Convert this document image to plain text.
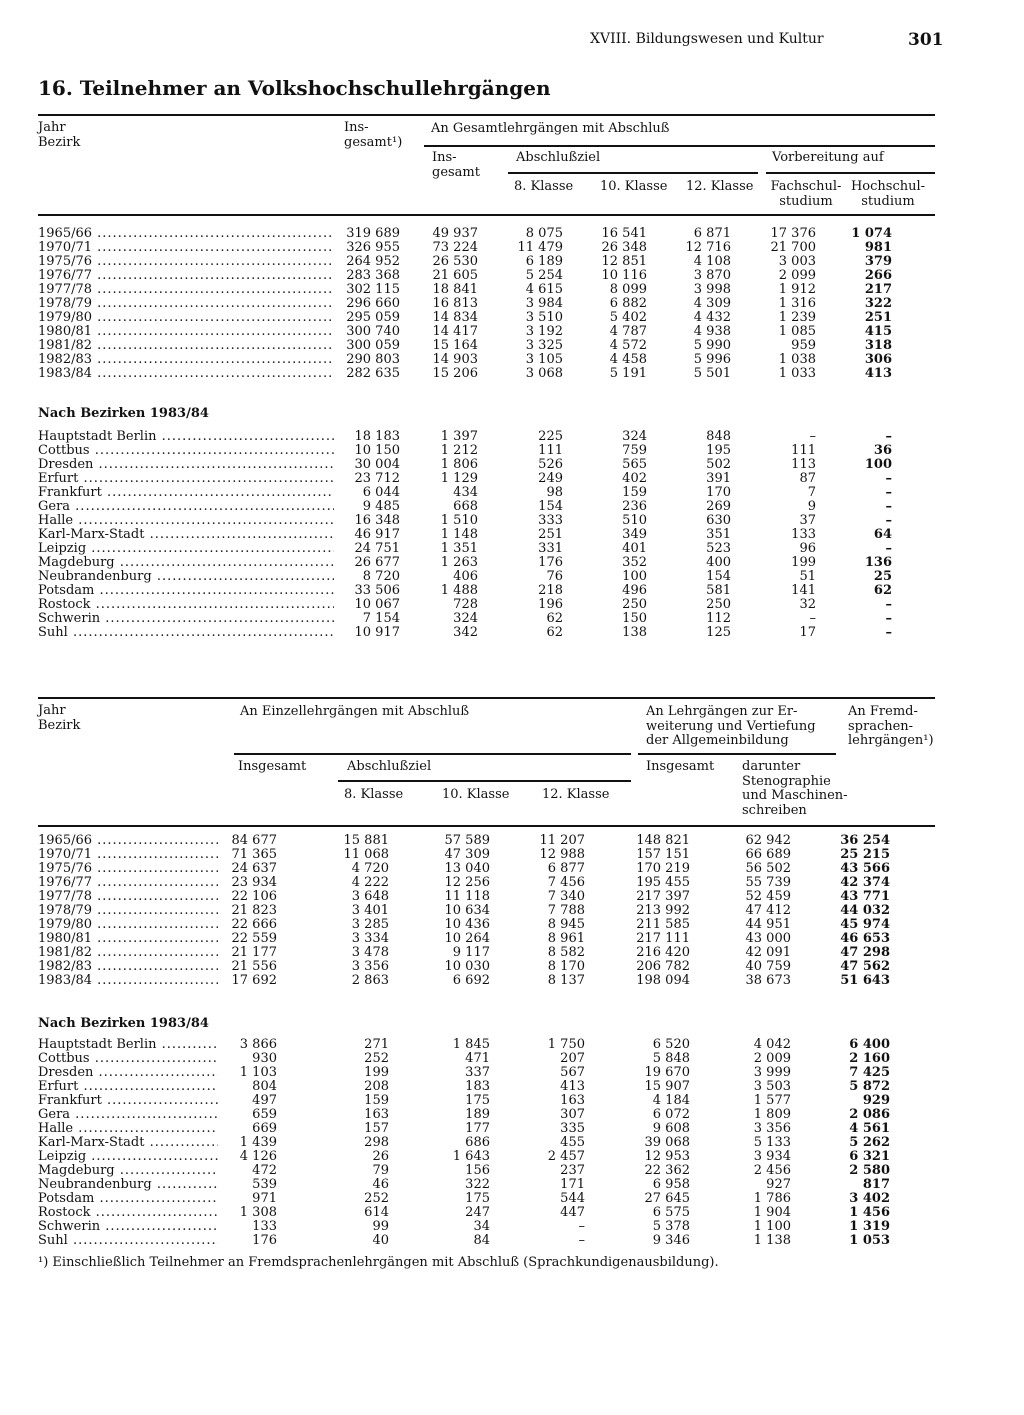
XVIII. Bildungswesen und Kultur	301
16. Teilnehmer an Volkshochschullehrgängen
Jahr
Bezirk
Ins-
gesamt¹)
An Gesamtlehrgängen mit Abschluß
Ins-
gesamt
Abschlußziel	Vorbereitung auf
8. Klasse 10. Klasse 12. Klasse	Fachschul-
studium
Hochschul-
studium
1965/66 .....	319 689	49 937	8 075	16 541	6 871	17 376	1 074
1970/71 .....	326 955	73 224	11 479	26 348	12 716	21 700	981
1975/76 .....	264 952	26 530	6 189	12 851	4 108	3 003	379
1976/77 .....	283 368	21 605	5 254	10 116	3 870	2 099	266
1977/78 .....	302 115	18 841	4 615	8 099	3 998	1 912	217
1978/79 .....	296 660	16 813	3 984	6 882	4 309	1 316	322
1979/80 .....	295 059	14 834	3 510	5 402	4 432	1 239	251
1980/81 .....	300 740	14 417	3 192	4 787	4 938	1 085	415
1981/82 .....	300 059	15 164	3 325	4 572	5 990	959	318
1982/83 .....	290 803	14 903	3 105	4 458	5 996	1 038	306
1983/84 .....	282 635	15 206	3 068	5 191	5 501	1 033	413
Nach Bezirken 1983/84
Hauptstadt Berlin .....	18 183	1 397	225	324	848	–	–
Cottbus .....	10 150	1 212	111	759	195	111	36
Dresden .....	30 004	1 806	526	565	502	113	100
Erfurt .....	23 712	1 129	249	402	391	87	–
Frankfurt .....	6 044	434	98	159	170	7	–
Gera .....	9 485	668	154	236	269	9	–
Halle .....	16 348	1 510	333	510	630	37	–
Karl-Marx-Stadt .....	46 917	1 148	251	349	351	133	64
Leipzig .....	24 751	1 351	331	401	523	96	–
Magdeburg .....	26 677	1 263	176	352	400	199	136
Neubrandenburg .....	8 720	406	76	100	154	51	25
Potsdam .....	33 506	1 488	218	496	581	141	62
Rostock .....	10 067	728	196	250	250	32	–
Schwerin .....	7 154	324	62	150	112	–	–
Suhl .....	10 917	342	62	138	125	17	–
Jahr
Bezirk
An Einzellehrgängen mit Abschluß	An Lehrgängen zur Er-
weiterung und Vertiefung
der Allgemeinbildung
An Fremd-
sprachen-
lehrgängen¹)
Insgesamt	Abschlußziel	Insgesamt darunter
Stenographie
und Maschinen-
schreiben
8. Klasse	10. Klasse	12. Klasse
1965/66 .....	84 677	15 881	57 589	11 207	148 821	62 942	36 254
1970/71 .....	71 365	11 068	47 309	12 988	157 151	66 689	25 215
1975/76 .....	24 637	4 720	13 040	6 877	170 219	56 502	43 566
1976/77 .....	23 934	4 222	12 256	7 456	195 455	55 739	42 374
1977/78 .....	22 106	3 648	11 118	7 340	217 397	52 459	43 771
1978/79 .....	21 823	3 401	10 634	7 788	213 992	47 412	44 032
1979/80 .....	22 666	3 285	10 436	8 945	211 585	44 951	45 974
1980/81 .....	22 559	3 334	10 264	8 961	217 111	43 000	46 653
1981/82 .....	21 177	3 478	9 117	8 582	216 420	42 091	47 298
1982/83 .....	21 556	3 356	10 030	8 170	206 782	40 759	47 562
1983/84 .....	17 692	2 863	6 692	8 137	198 094	38 673	51 643
Nach Bezirken 1983/84
Hauptstadt Berlin .....	3 866	271	1 845	1 750	6 520	4 042	6 400
Cottbus .....	930	252	471	207	5 848	2 009	2 160
Dresden .....	1 103	199	337	567	19 670	3 999	7 425
Erfurt .....	804	208	183	413	15 907	3 503	5 872
Frankfurt .....	497	159	175	163	4 184	1 577	929
Gera .....	659	163	189	307	6 072	1 809	2 086
Halle .....	669	157	177	335	9 608	3 356	4 561
Karl-Marx-Stadt .....	1 439	298	686	455	39 068	5 133	5 262
Leipzig .....	4 126	26	1 643	2 457	12 953	3 934	6 321
Magdeburg .....	472	79	156	237	22 362	2 456	2 580
Neubrandenburg .....	539	46	322	171	6 958	927	817
Potsdam .....	971	252	175	544	27 645	1 786	3 402
Rostock .....	1 308	614	247	447	6 575	1 904	1 456
Schwerin .....	133	99	34	–	5 378	1 100	1 319
Suhl .....	176	40	84	–	9 346	1 138	1 053
¹) Einschließlich Teilnehmer an Fremdsprachenlehrgängen mit Abschluß (Sprachkundigenausbildung).
